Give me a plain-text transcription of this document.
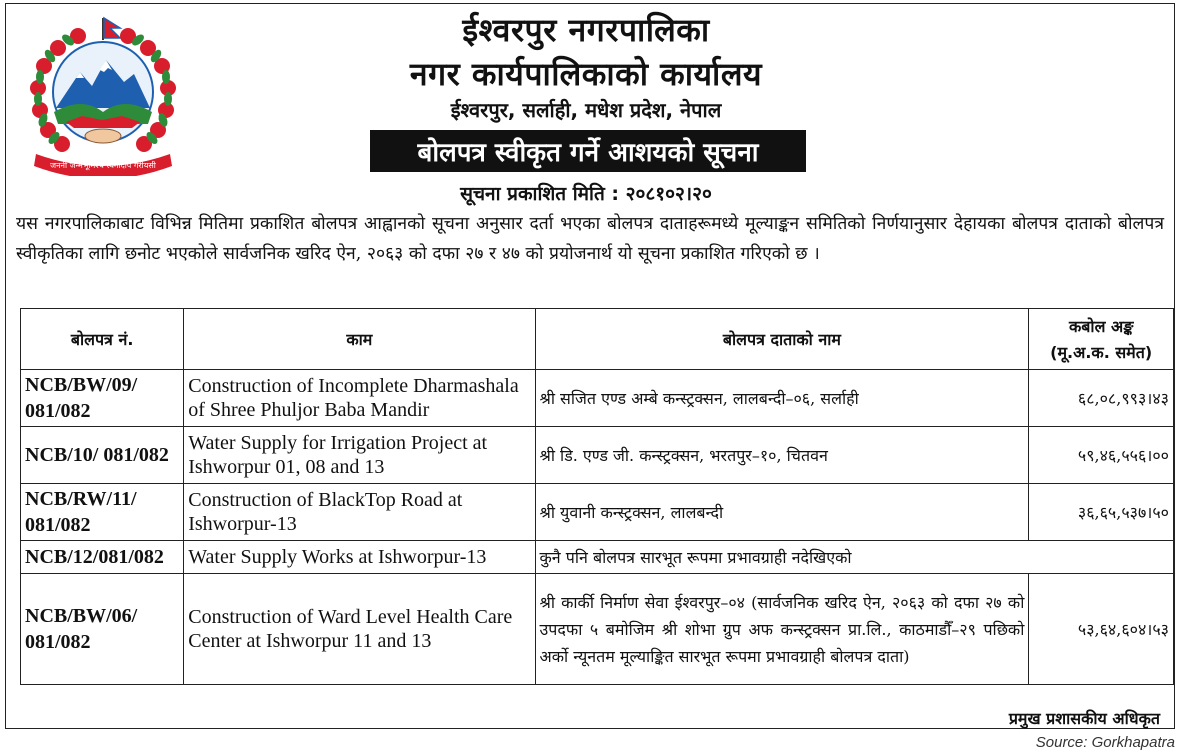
जननी जन्मभूमिश्च स्वर्गादपि गरीयसी
ईश्वरपुर नगरपालिका
नगर कार्यपालिकाको कार्यालय
ईश्वरपुर, सर्लाही, मधेश प्रदेश, नेपाल
बोलपत्र स्वीकृत गर्ने आशयको सूचना
सूचना प्रकाशित मिति : २०८१०२।२०
यस नगरपालिकाबाट विभिन्न मितिमा प्रकाशित बोलपत्र आह्वानको सूचना अनुसार दर्ता भएका बोलपत्र दाताहरूमध्ये मूल्याङ्कन समितिको निर्णयानुसार देहायका बोलपत्र दाताको बोलपत्र स्वीकृतिका लागि छनोट भएकोले सार्वजनिक खरिद ऐन, २०६३ को दफा २७ र ४७ को प्रयोजनार्थ यो सूचना प्रकाशित गरिएको छ ।
बोलपत्र नं.	काम	बोलपत्र दाताको नाम	कबोल अङ्क
(मू.अ.क. समेत)

NCB/BW/09/ 081/082	Construction of Incomplete Dharmashala of Shree Phuljor Baba Mandir	श्री सजित एण्ड अम्बे कन्स्ट्रक्सन, लालबन्दी–०६, सर्लाही	६८,०८,९९३।४३
NCB/10/ 081/082	Water Supply for Irrigation Project at Ishworpur 01, 08 and 13	श्री डि. एण्ड जी. कन्स्ट्रक्सन, भरतपुर–१०, चितवन	५९,४६,५५६।००
NCB/RW/11/ 081/082	Construction of BlackTop Road at Ishworpur-13	श्री युवानी कन्स्ट्रक्सन, लालबन्दी	३६,६५,५३७।५०
NCB/12/081/082	Water Supply Works at Ishworpur-13	कुनै पनि बोलपत्र सारभूत रूपमा प्रभावग्राही नदेखिएको	
NCB/BW/06/ 081/082	Construction of Ward Level Health Care Center at Ishworpur 11 and 13	श्री कार्की निर्माण सेवा ईश्वरपुर–०४ (सार्वजनिक खरिद ऐन, २०६३ को दफा २७ को उपदफा ५ बमोजिम श्री शोभा ग्रुप अफ कन्स्ट्रक्सन प्रा.लि., काठमाडौँ–२९ पछिको अर्को न्यूनतम मूल्याङ्कित सारभूत रूपमा प्रभावग्राही बोलपत्र दाता)	५३,६४,६०४।५३
प्रमुख प्रशासकीय अधिकृत
Source: Gorkhapatra
